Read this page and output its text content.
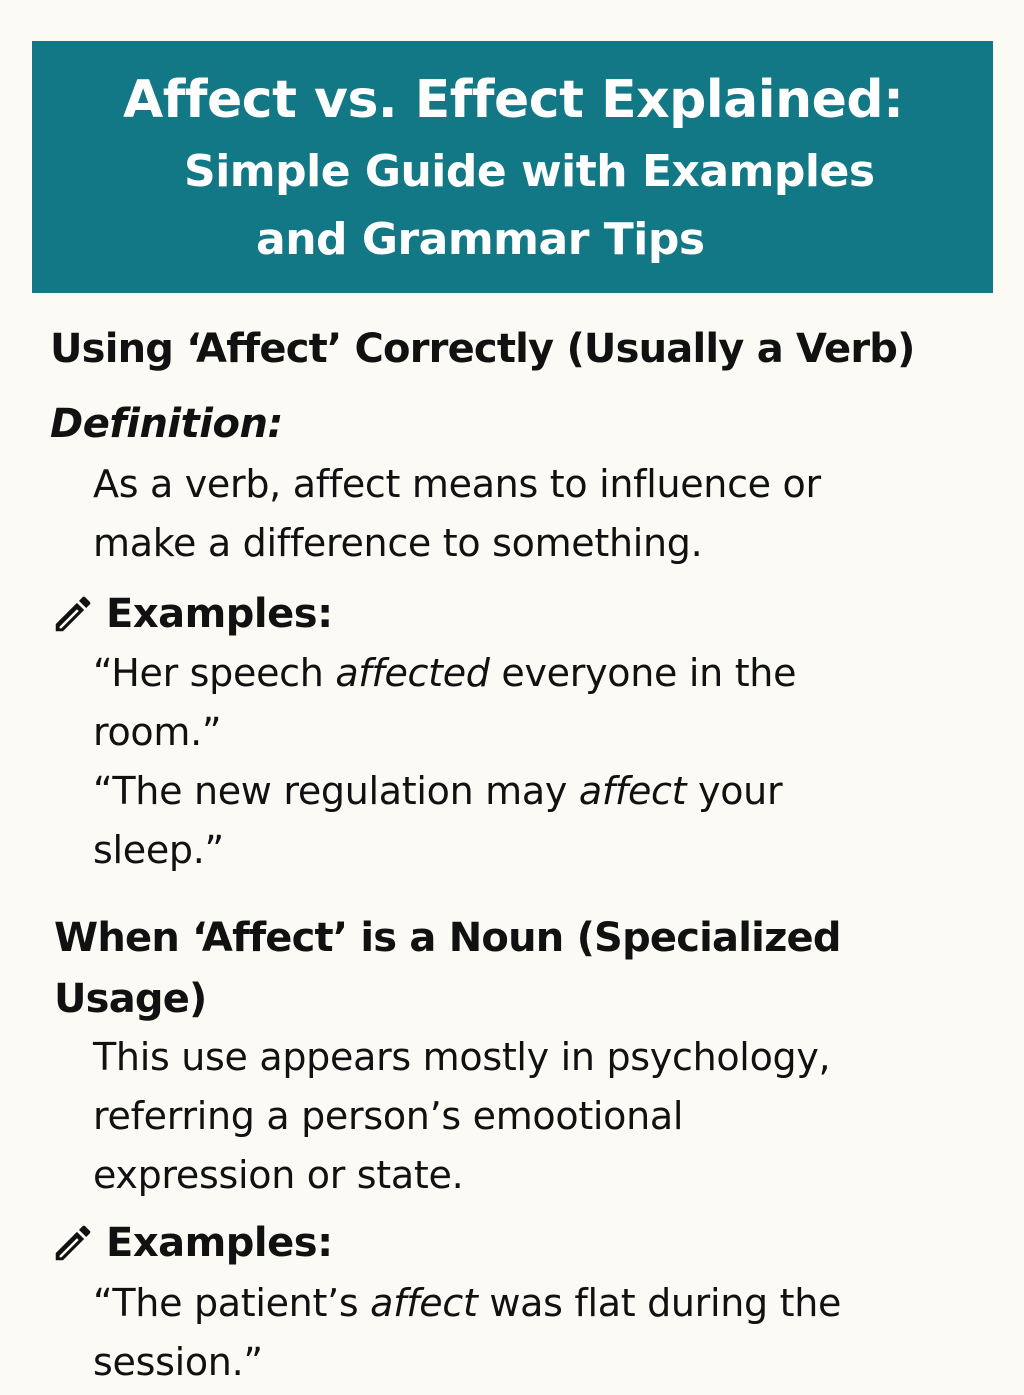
Affect vs. Effect Explained:
Simple Guide with Examples
and Grammar Tips
Using ‘Affect’ Correctly (Usually a Verb)
Definition:
As a verb, affect means to influence or
make a difference to something.
Examples:
“Her speech affected everyone in the
room.”
“The new regulation may affect your
sleep.”
When ‘Affect’ is a Noun (Specialized
Usage)
This use appears mostly in psychology,
referring a person’s emootional
expression or state.
Examples:
“The patient’s affect was flat during the
session.”
